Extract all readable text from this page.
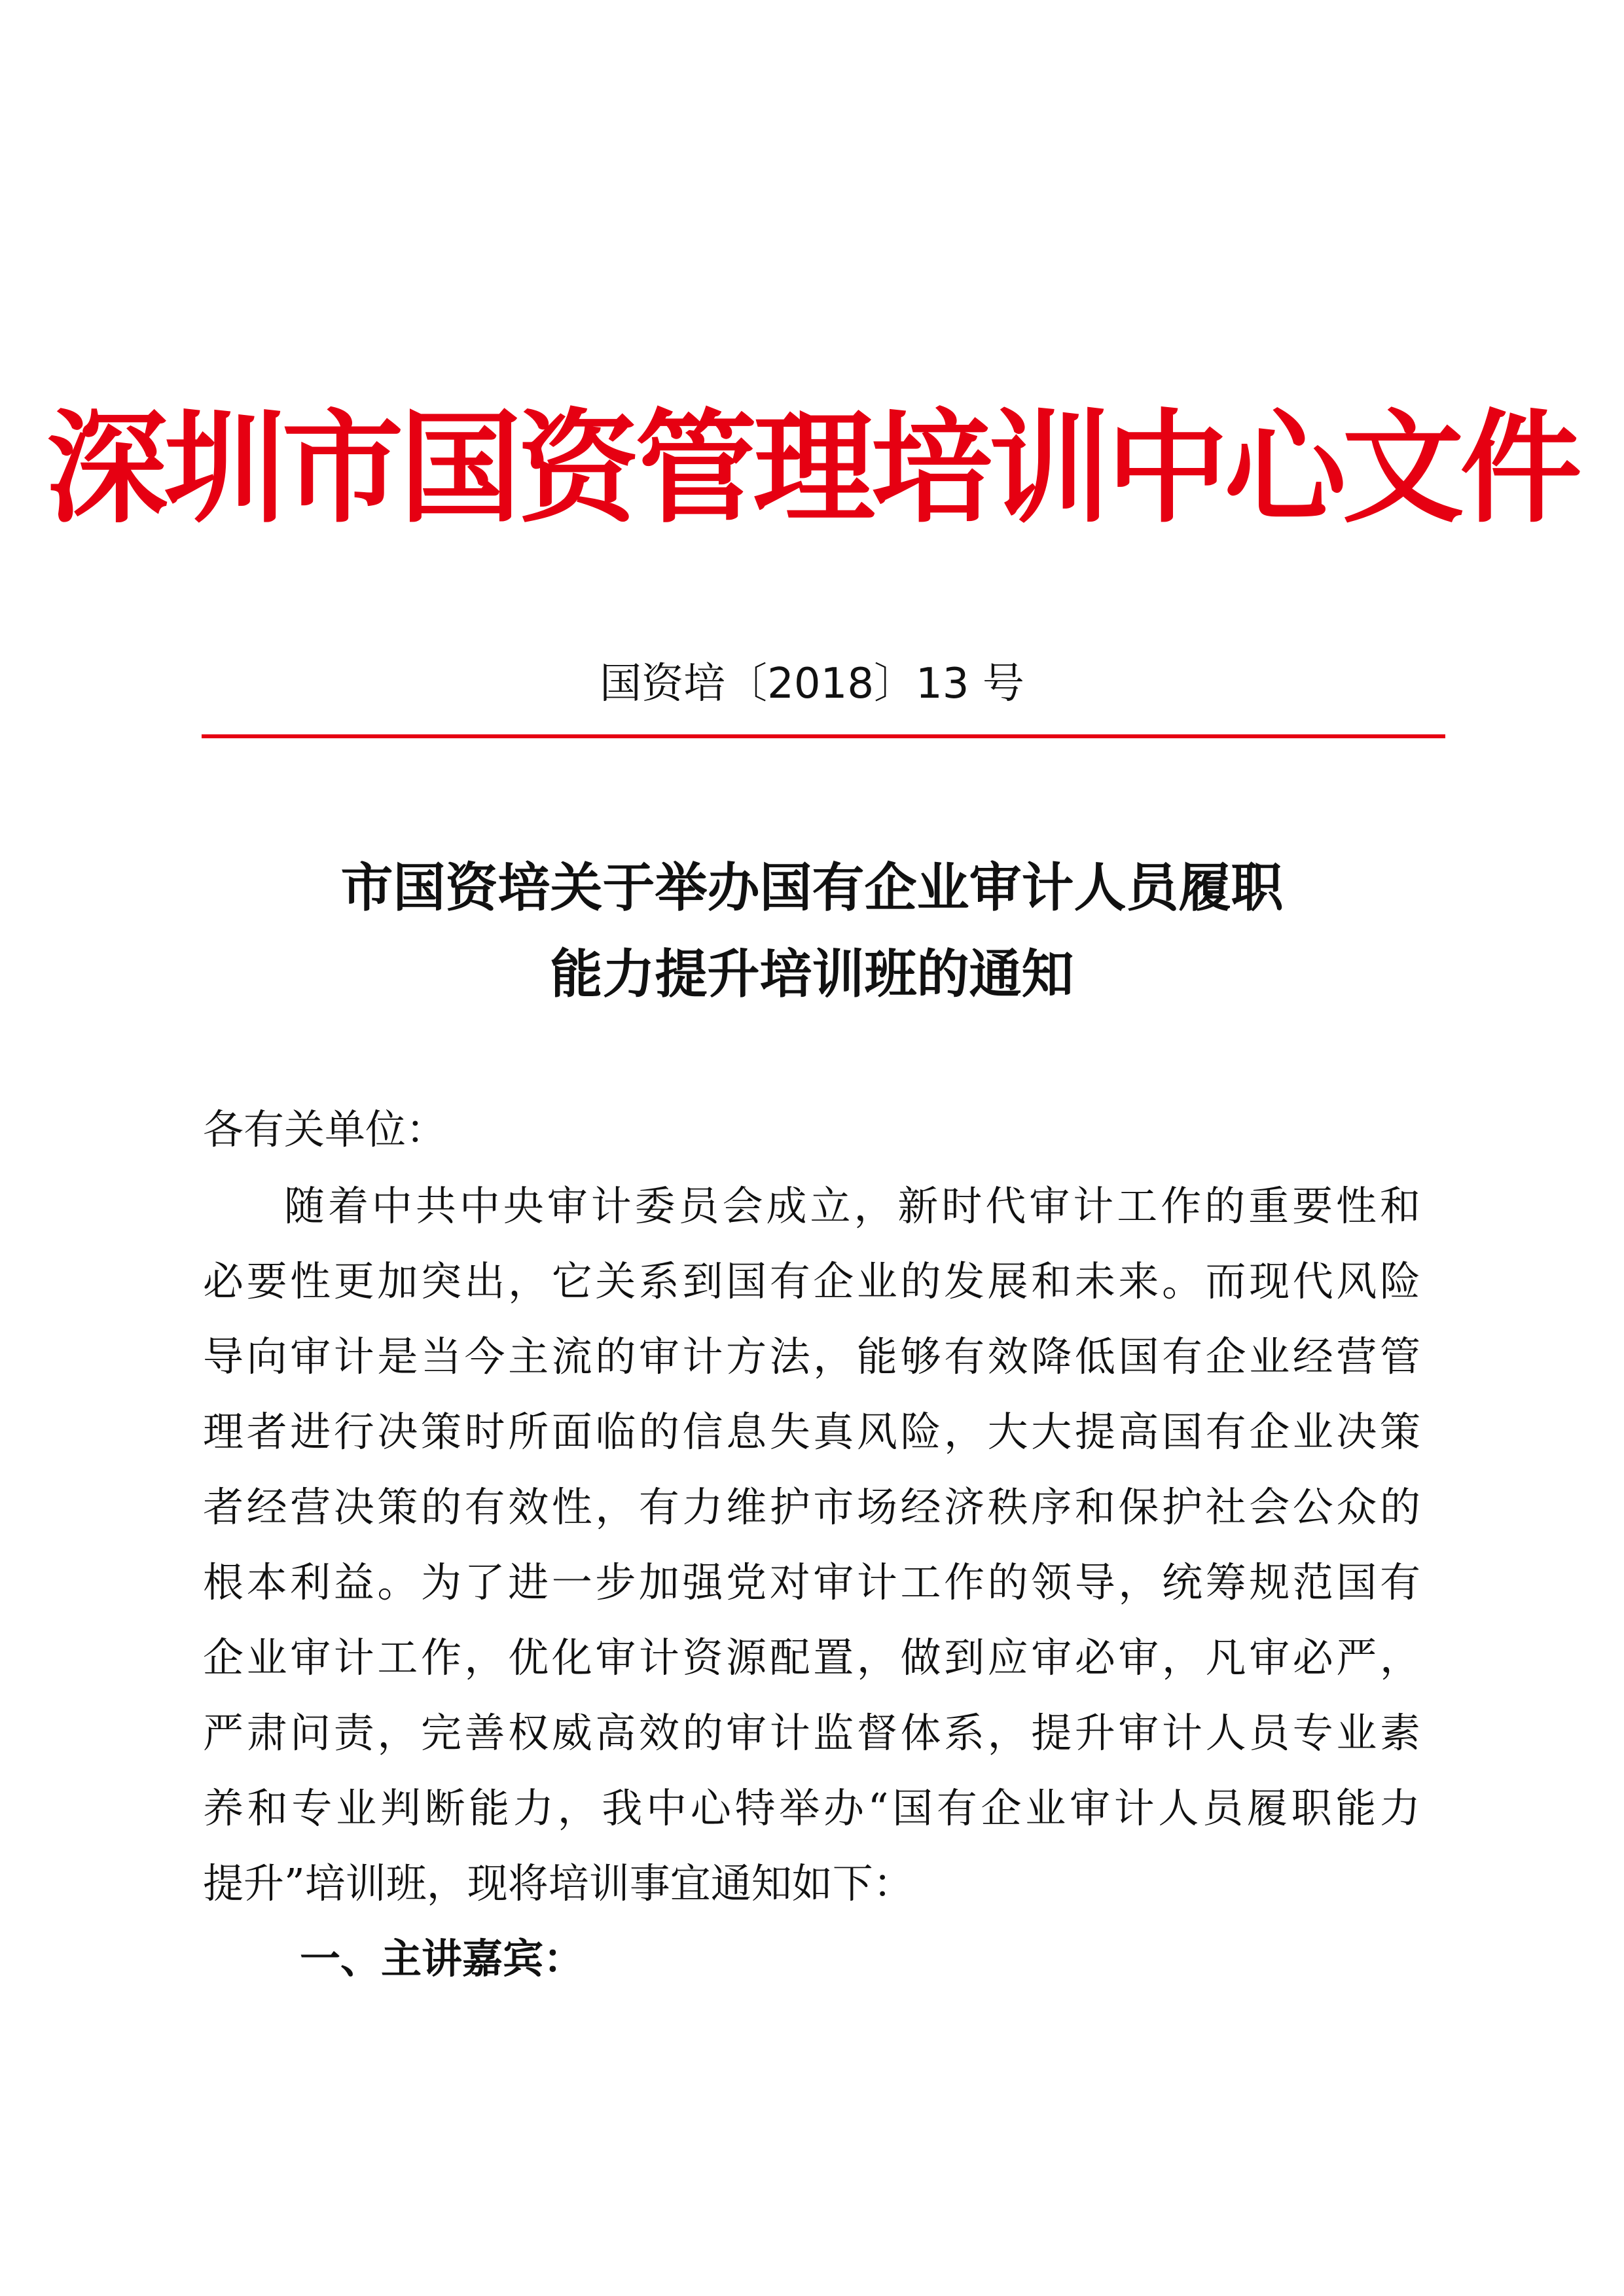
深圳市国资管理培训中心文件
国资培〔2018〕13 号
市国资培关于举办国有企业审计人员履职
能力提升培训班的通知
各有关单位：
随着中共中央审计委员会成立，新时代审计工作的重要性和
必要性更加突出，它关系到国有企业的发展和未来。而现代风险
导向审计是当今主流的审计方法，能够有效降低国有企业经营管
理者进行决策时所面临的信息失真风险，大大提高国有企业决策
者经营决策的有效性，有力维护市场经济秩序和保护社会公众的
根本利益。为了进一步加强党对审计工作的领导，统筹规范国有
企业审计工作，优化审计资源配置，做到应审必审，凡审必严，
严肃问责，完善权威高效的审计监督体系，提升审计人员专业素
养和专业判断能力，我中心特举办“国有企业审计人员履职能力
提升”培训班，现将培训事宜通知如下：
一、主讲嘉宾：
